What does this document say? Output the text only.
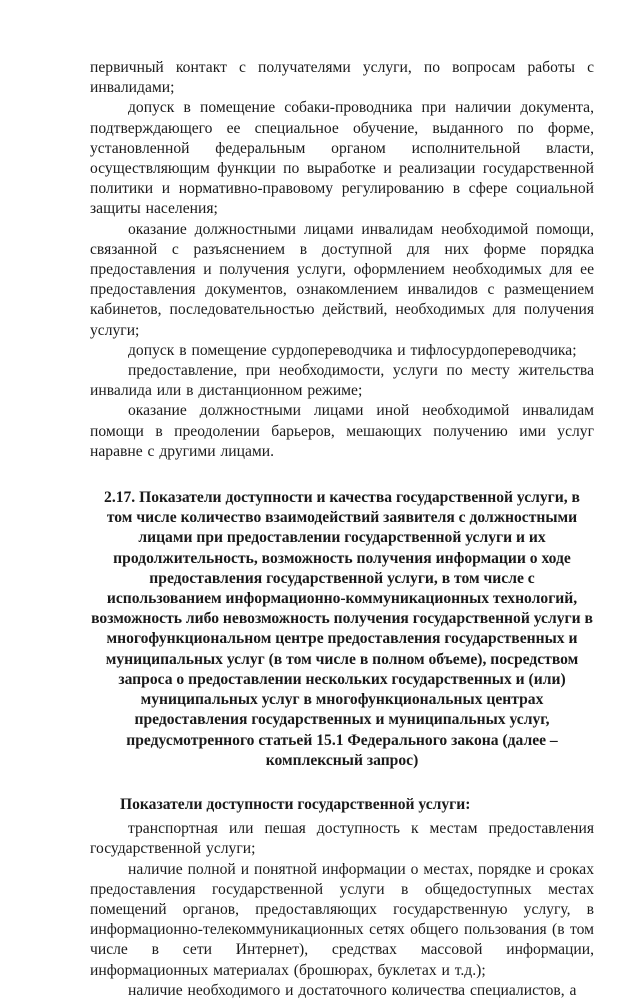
первичный контакт с получателями услуги, по вопросам работы с инвалидами;

допуск в помещение собаки-проводника при наличии документа, подтверждающего ее специальное обучение, выданного по форме, установленной федеральным органом исполнительной власти, осуществляющим функции по выработке и реализации государственной политики и нормативно-правовому регулированию в сфере социальной защиты населения;

оказание должностными лицами инвалидам необходимой помощи, связанной с разъяснением в доступной для них форме порядка предоставления и получения услуги, оформлением необходимых для ее предоставления документов, ознакомлением инвалидов с размещением кабинетов, последовательностью действий, необходимых для получения услуги;

допуск в помещение сурдопереводчика и тифлосурдопереводчика;

предоставление, при необходимости, услуги по месту жительства инвалида или в дистанционном режиме;

оказание должностными лицами иной необходимой инвалидам помощи в преодолении барьеров, мешающих получению ими услуг наравне с другими лицами.

2.17. Показатели доступности и качества государственной услуги, в том числе количество взаимодействий заявителя с должностными лицами при предоставлении государственной услуги и их продолжительность, возможность получения информации о ходе предоставления государственной услуги, в том числе с использованием информационно-коммуникационных технологий, возможность либо невозможность получения государственной услуги в многофункциональном центре предоставления государственных и муниципальных услуг (в том числе в полном объеме), посредством запроса о предоставлении нескольких государственных и (или) муниципальных услуг в многофункциональных центрах предоставления государственных и муниципальных услуг, предусмотренного статьей 15.1 Федерального закона (далее – комплексный запрос)
Показатели доступности государственной услуги:

транспортная или пешая доступность к местам предоставления государственной услуги;

наличие полной и понятной информации о местах, порядке и сроках предоставления государственной услуги в общедоступных местах помещений органов, предоставляющих государственную услугу, в информационно-телекоммуникационных сетях общего пользования (в том числе в сети Интернет), средствах массовой информации, информационных материалах (брошюрах, буклетах и т.д.);

наличие необходимого и достаточного количества специалистов, а
